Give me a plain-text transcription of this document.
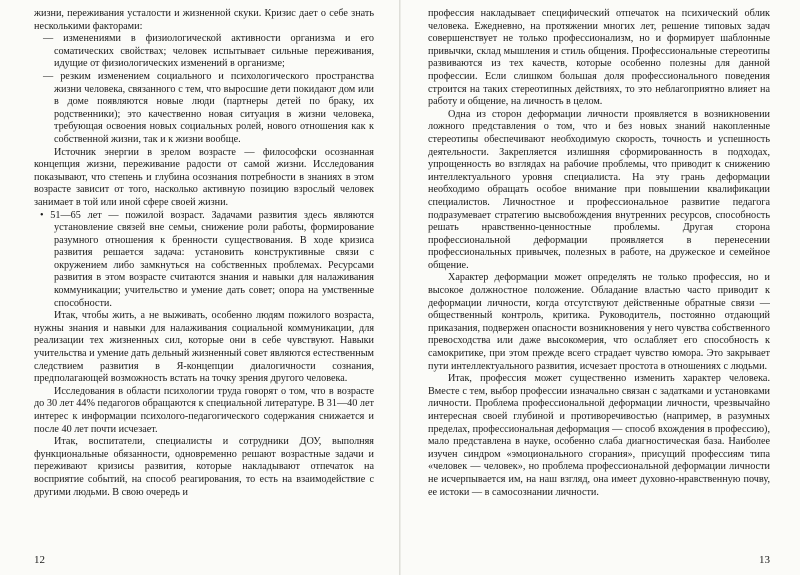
жизни, переживания усталости и жизненной скуки. Кризис дает о себе знать несколькими факторами:

— изменениями в физиологической активности организма и его соматических свойствах; человек испытывает сильные переживания, идущие от физиологических изменений в организме;

— резким изменением социального и психологического пространства жизни человека, связанного с тем, что выросшие дети покидают дом или в доме появляются новые люди (партнеры детей по браку, их родственники); это качественно новая ситуация в жизни человека, требующая освоения новых социальных ролей, нового отношения как к собственной жизни, так и к жизни вообще.

Источник энергии в зрелом возрасте — философски осознанная концепция жизни, переживание радости от самой жизни. Исследования показывают, что степень и глубина осознания потребности в знаниях в этом возрасте зависит от того, насколько активную позицию взрослый человек занимает в той или иной сфере своей жизни.

• 51—65 лет — пожилой возраст. Задачами развития здесь являются установление связей вне семьи, снижение роли работы, формирование разумного отношения к бренности существования. В ходе кризиса развития решается задача: установить конструктивные связи с окружением либо замкнуться на собственных проблемах. Ресурсами развития в этом возрасте считаются знания и навыки для налаживания коммуникации; учительство и умение дать совет; опора на умственные способности.

Итак, чтобы жить, а не выживать, особенно людям пожилого возраста, нужны знания и навыки для налаживания социальной коммуникации, для реализации тех жизненных сил, которые они в себе чувствуют. Навыки учительства и умение дать дельный жизненный совет являются естественным следствием развития в Я-концепции диалогичности сознания, предполагающей возможность встать на точку зрения другого человека.

Исследования в области психологии труда говорят о том, что в возрасте до 30 лет 44% педагогов обращаются к специальной литературе. В 31—40 лет интерес к информации психолого-педагогического содержания снижается и после 40 лет почти исчезает.

Итак, воспитатели, специалисты и сотрудники ДОУ, выполняя функциональные обязанности, одновременно решают возрастные задачи и переживают кризисы развития, которые накладывают отпечаток на восприятие событий, на способ реагирования, то есть на взаимодействие с другими людьми. В свою очередь и

12

профессия накладывает специфический отпечаток на психический облик человека. Ежедневно, на протяжении многих лет, решение типовых задач совершенствует не только профессионализм, но и формирует шаблонные привычки, склад мышления и стиль общения. Профессиональные стереотипы развиваются из тех качеств, которые особенно полезны для данной профессии. Если слишком большая доля профессионального поведения строится на таких стереотипных действиях, то это неблагоприятно влияет на работу и общение, на личность в целом.

Одна из сторон деформации личности проявляется в возникновении ложного представления о том, что и без новых знаний накопленные стереотипы обеспечивают необходимую скорость, точность и успешность деятельности. Закрепляется излишняя сформированность в подходах, упрощенность во взглядах на рабочие проблемы, что приводит к снижению интеллектуального уровня специалиста. На эту грань деформации необходимо обращать особое внимание при повышении квалификации специалистов. Личностное и профессиональное развитие педагога подразумевает стратегию высвобождения внутренних ресурсов, способность решать нравственно-ценностные проблемы. Другая сторона профессиональной деформации проявляется в перенесении профессиональных привычек, полезных в работе, на дружеское и семейное общение.

Характер деформации может определять не только профессия, но и высокое должностное положение. Обладание властью часто приводит к деформации личности, когда отсутствуют действенные обратные связи — общественный контроль, критика. Руководитель, постоянно отдающий приказания, подвержен опасности возникновения у него чувства собственного превосходства или даже высокомерия, что ослабляет его способность к самокритике, при этом прежде всего страдает чувство юмора. Это закрывает пути интеллектуального развития, исчезает простота в отношениях с людьми.

Итак, профессия может существенно изменить характер человека. Вместе с тем, выбор профессии изначально связан с задатками и установками личности. Проблема профессиональной деформации личности, чрезвычайно интересная своей глубиной и противоречивостью (например, в разумных пределах, профессиональная деформация — способ вхождения в профессию), мало представлена в науке, особенно слаба диагностическая база. Наиболее изучен синдром «эмоционального сгорания», присущий профессиям типа «человек — человек», но проблема профессиональной деформации личности не исчерпывается им, на наш взгляд, она имеет духовно-нравственную почву, ее истоки — в самосознании личности.

13
